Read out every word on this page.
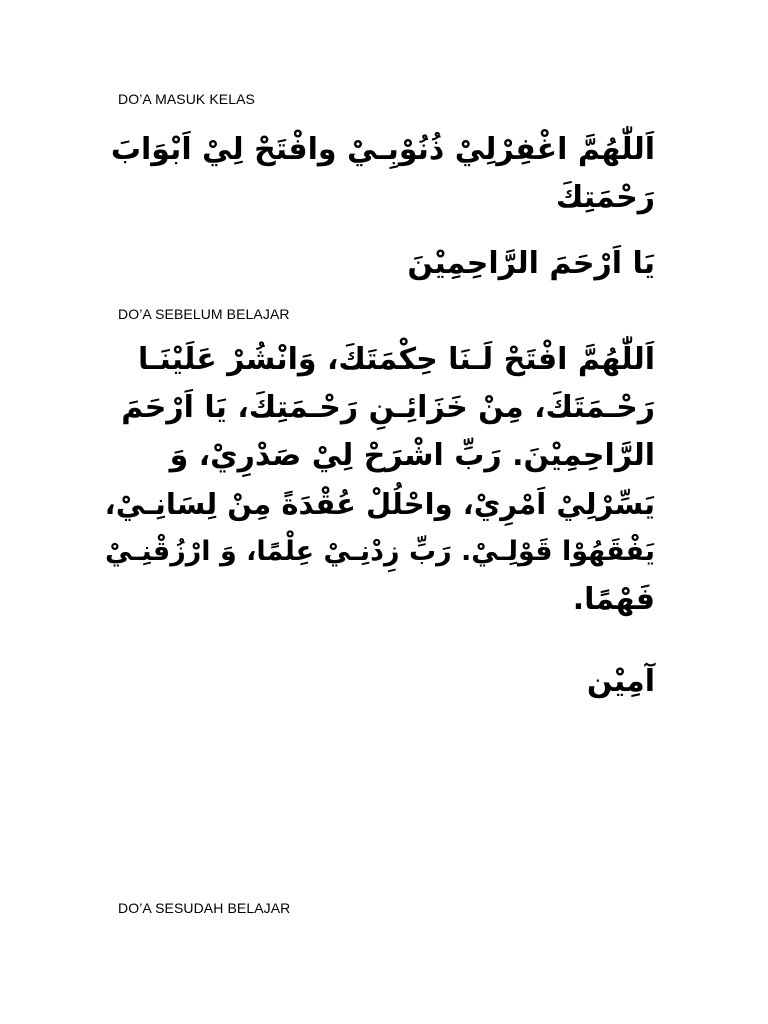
DO’A MASUK KELAS
اَللّٰهُمَّ اغْفِرْلِيْ ذُنُوْبِـيْ وافْتَحْ لِيْ اَبْوَابَ
رَحْمَتِكَ
يَا اَرْحَمَ الرَّاحِمِيْنَ
DO’A SEBELUM BELAJAR
اَللّٰهُمَّ افْتَحْ لَـنَا حِكْمَتَكَ، وَانْشُرْ عَلَيْنَـا
رَحْـمَتَكَ، مِنْ خَزَائِـنِ رَحْـمَتِكَ، يَا اَرْحَمَ
الرَّاحِمِيْنَ. رَبِّ اشْرَحْ لِيْ صَدْرِيْ، وَ
يَسِّرْلِيْ اَمْرِيْ، واحْلُلْ عُقْدَةً مِنْ لِسَانِـيْ،
يَفْقَهُوْا قَوْلِـيْ. رَبِّ زِدْنِـيْ عِلْمًا، وَ ارْزُقْنِـيْ
فَهْمًا.
آمِيْن
DO’A SESUDAH BELAJAR
